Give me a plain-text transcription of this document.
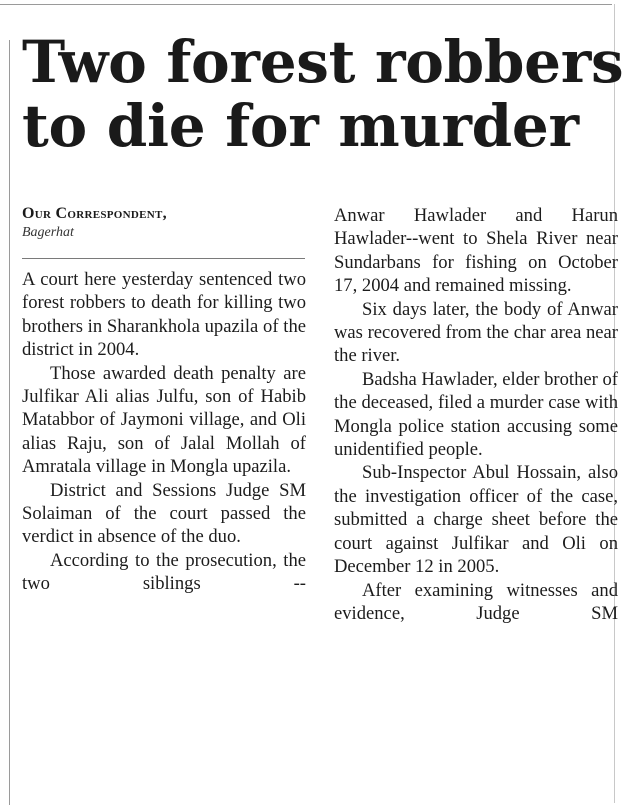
Two forest robbers
to die for murder
Our Correspondent,
Bagerhat

A court here yesterday sentenced two forest robbers to death for killing two brothers in Sharankhola upazila of the district in 2004.

Those awarded death penalty are Julfikar Ali alias Julfu, son of Habib Matabbor of Jaymoni village, and Oli alias Raju, son of Jalal Mollah of Amratala village in Mongla upazila.

District and Sessions Judge SM Solaiman of the court passed the verdict in absence of the duo.

According to the prosecution, the two siblings --

Anwar Hawlader and Harun Hawlader--went to Shela River near Sundarbans for fishing on October 17, 2004 and remained missing.

Six days later, the body of Anwar was recovered from the char area near the river.

Badsha Hawlader, elder brother of the deceased, filed a murder case with Mongla police station accusing some unidentified people.

Sub-Inspector Abul Hossain, also the investigation officer of the case, submitted a charge sheet before the court against Julfikar and Oli on December 12 in 2005.

After examining witnesses and evidence, Judge SM
